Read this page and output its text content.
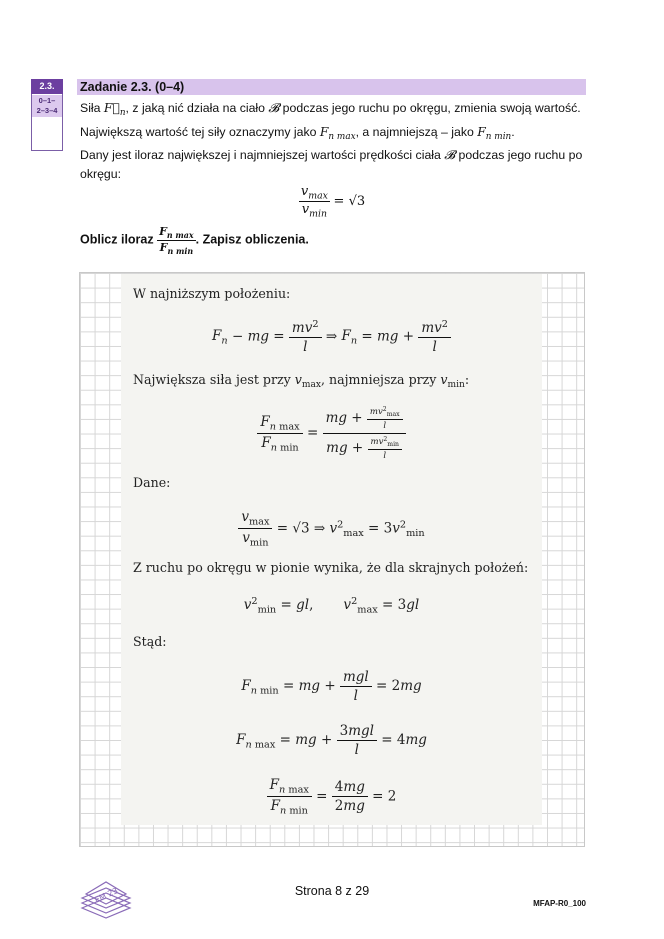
2.3.
0–1–
2–3–4
Zadanie 2.3. (0–4)
Siła $F⃗_n$, z jaką nić działa na ciało 𝓑 podczas jego ruchu po okręgu, zmienia swoją wartość.
Największą wartość tej siły oznaczymy jako $F_{n max}$, a najmniejszą – jako $F_{n min}$.
Dany jest iloraz największej i najmniejszej wartości prędkości ciała 𝓑 podczas jego ruchu po okręgu:
$\frac{v_{max}}{v_{min}} = √3$
Oblicz iloraz $\frac{F_{n max}}{F_{n min}}$ . Zapisz obliczenia.
W najniższym położeniu:
$F_n$ − mg = $\frac{mv^2}{l}$ ⇒ $F_n$ = mg + $\frac{mv^2}{l}$
Największa siła jest przy $v_{max}$, najmniejsza przy $v_{min}$:
$\frac{F_{n max}}{F_{n min}} = \frac{mg + \frac{mv^2_{max}}{l}}{mg + \frac{mv^2_{min}}{l}}$
Dane:
$\frac{v_{max}}{v_{min}} = √3$ ⇒ $v^2_{max} = 3v^2_{min}$
Z ruchu po okręgu w pionie wynika, że dla skrajnych położeń:
$v^2_{min}$ = gl,       $v^2_{max} = 3gl$
Stąd:
$F_{n min}$ = mg + $\frac{\text{mgl}}{l} = 2mg$
$F_{n max}$ = mg + $\frac{\text{3mgl}}{l} = 4mg$
$\frac{F_{n max}}{F_{n min}} = \frac{4mg}{2mg} = 2$
EM 23	Strona 8 z 29
MFAP-R0_100
